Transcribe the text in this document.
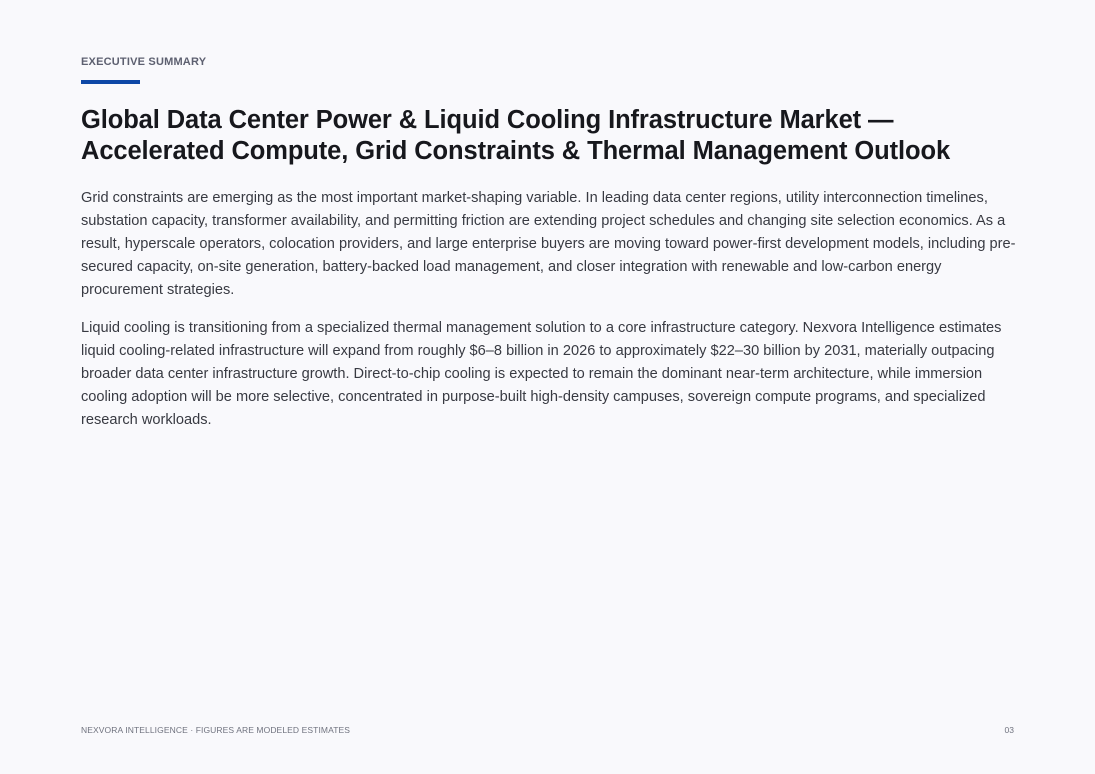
EXECUTIVE SUMMARY
Global Data Center Power & Liquid Cooling Infrastructure Market —
Accelerated Compute, Grid Constraints & Thermal Management Outlook

Grid constraints are emerging as the most important market-shaping variable. In leading data center regions, utility interconnection timelines, substation capacity, transformer availability, and permitting friction are extending project schedules and changing site selection economics. As a result, hyperscale operators, colocation providers, and large enterprise buyers are moving toward power-first development models, including pre-secured capacity, on-site generation, battery-backed load management, and closer integration with renewable and low-carbon energy procurement strategies.

Liquid cooling is transitioning from a specialized thermal management solution to a core infrastructure category. Nexvora Intelligence estimates liquid cooling-related infrastructure will expand from roughly $6–8 billion in 2026 to approximately $22–30 billion by 2031, materially outpacing broader data center infrastructure growth. Direct-to-chip cooling is expected to remain the dominant near-term architecture, while immersion cooling adoption will be more selective, concentrated in purpose-built high-density campuses, sovereign compute programs, and specialized research workloads.

NEXVORA INTELLIGENCE · FIGURES ARE MODELED ESTIMATES	03
